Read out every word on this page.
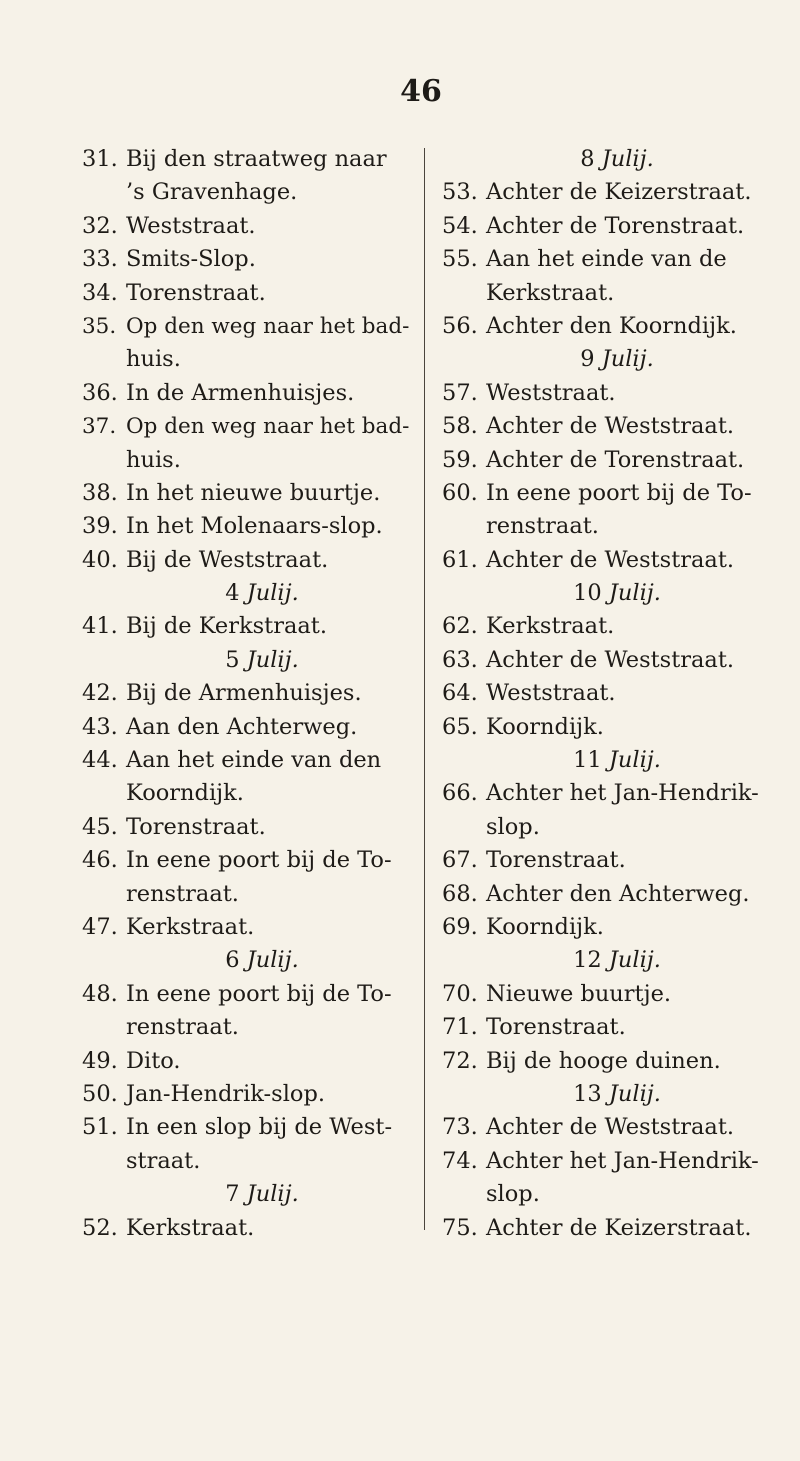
46
31. Bij den straatweg naar
’s Gravenhage.
32. Weststraat.
33. Smits-Slop.
34. Torenstraat.
35. Op den weg naar het bad-
huis.
36. In de Armenhuisjes.
37. Op den weg naar het bad-
huis.
38. In het nieuwe buurtje.
39. In het Molenaars-slop.
40. Bij de Weststraat.
4 Julij.
41. Bij de Kerkstraat.
5 Julij.
42. Bij de Armenhuisjes.
43. Aan den Achterweg.
44. Aan het einde van den
Koorndijk.
45. Torenstraat.
46. In eene poort bij de To-
renstraat.
47. Kerkstraat.
6 Julij.
48. In eene poort bij de To-
renstraat.
49. Dito.
50. Jan-Hendrik-slop.
51. In een slop bij de West-
straat.
7 Julij.
52. Kerkstraat.
8 Julij.
53. Achter de Keizerstraat.
54. Achter de Torenstraat.
55. Aan het einde van de
Kerkstraat.
56. Achter den Koorndijk.
9 Julij.
57. Weststraat.
58. Achter de Weststraat.
59. Achter de Torenstraat.
60. In eene poort bij de To-
renstraat.
61. Achter de Weststraat.
10 Julij.
62. Kerkstraat.
63. Achter de Weststraat.
64. Weststraat.
65. Koorndijk.
11 Julij.
66. Achter het Jan-Hendrik-
slop.
67. Torenstraat.
68. Achter den Achterweg.
69. Koorndijk.
12 Julij.
70. Nieuwe buurtje.
71. Torenstraat.
72. Bij de hooge duinen.
13 Julij.
73. Achter de Weststraat.
74. Achter het Jan-Hendrik-
slop.
75. Achter de Keizerstraat.
